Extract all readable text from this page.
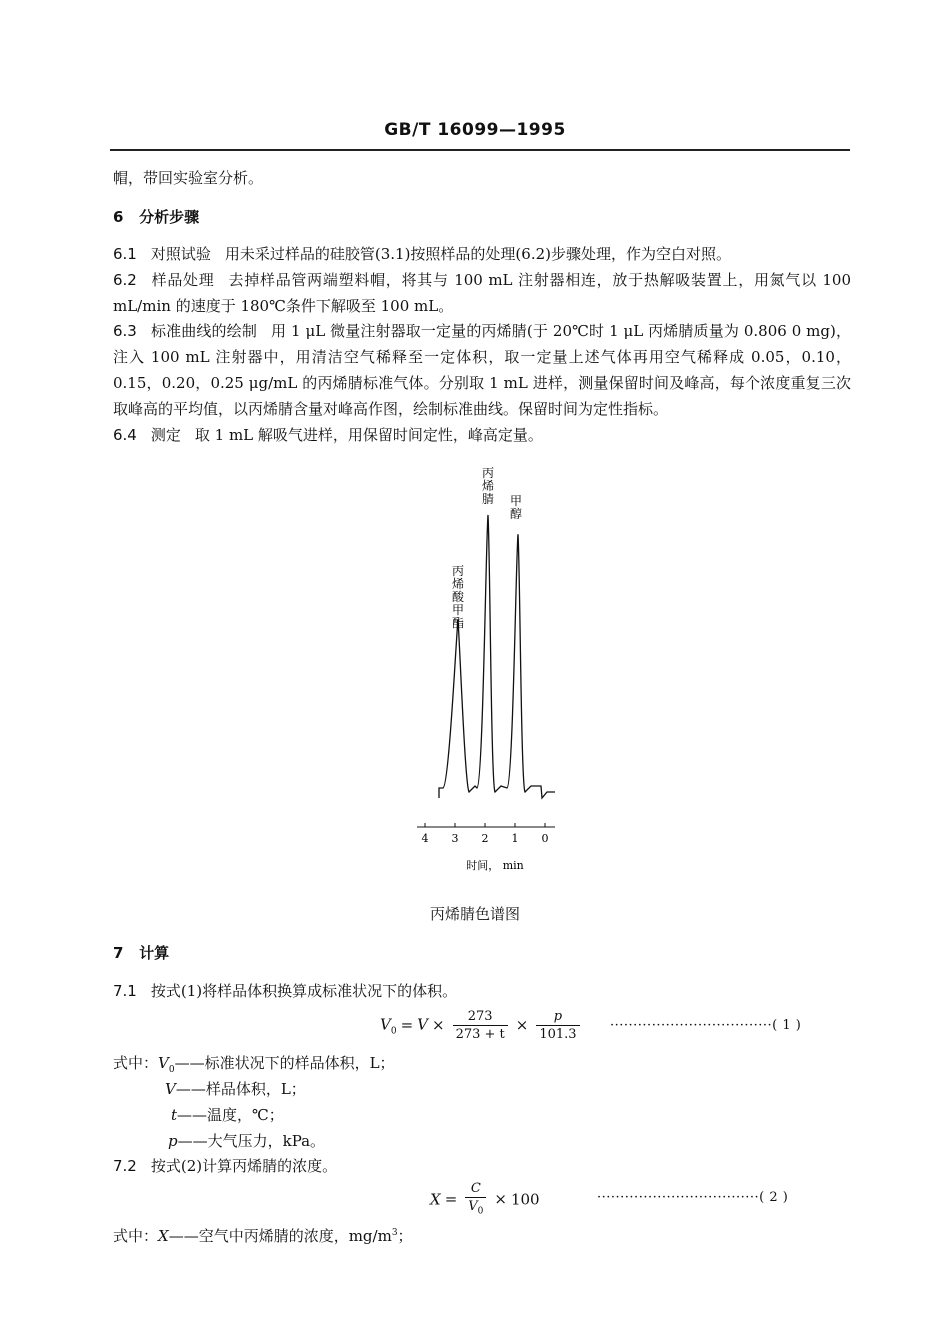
GB/T 16099—1995
帽，带回实验室分析。
6 分析步骤

6.1 对照试验 用未采过样品的硅胶管(3.1)按照样品的处理(6.2)步骤处理，作为空白对照。

6.2 样品处理 去掉样品管两端塑料帽，将其与 100 mL 注射器相连，放于热解吸装置上，用氮气以 100 mL/min 的速度于 180℃条件下解吸至 100 mL。

6.3 标准曲线的绘制 用 1 μL 微量注射器取一定量的丙烯腈(于 20℃时 1 μL 丙烯腈质量为 0.806 0 mg)，注入 100 mL 注射器中，用清洁空气稀释至一定体积，取一定量上述气体再用空气稀释成 0.05，0.10，0.15，0.20，0.25 μg/mL 的丙烯腈标准气体。分别取 1 mL 进样，测量保留时间及峰高，每个浓度重复三次取峰高的平均值，以丙烯腈含量对峰高作图，绘制标准曲线。保留时间为定性指标。

6.4 测定 取 1 mL 解吸气进样，用保留时间定性，峰高定量。

4 3 2 1 0
时间， min
丙
烯
酸
甲
酯
丙
烯
腈 甲
醇
丙烯腈色谱图
7 计算
7.1 按式(1)将样品体积换算成标准状况下的体积。
$V_0 = V \times \frac{273}{273 + t} \times \frac{p}{101.3}$ ···································( 1 )
式中：$V_0——$标准状况下的样品体积，L；
V——样品体积，L；
t——温度，℃；
p——大气压力，kPa。
7.2 按式(2)计算丙烯腈的浓度。
$X = \frac{C}{V_0} \times 100$	···································( 2 )
式中：X——空气中丙烯腈的浓度，$mg/m^3$；
